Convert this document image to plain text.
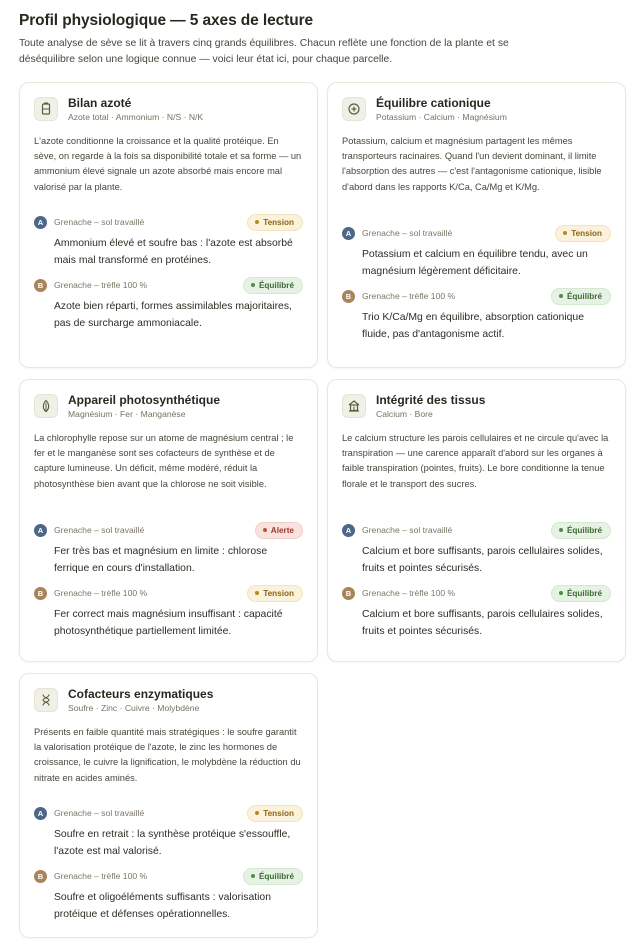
Profil physiologique — 5 axes de lecture
Toute analyse de sève se lit à travers cinq grands équilibres. Chacun reflète une fonction de la plante et se déséquilibre selon une logique connue — voici leur état ici, pour chaque parcelle.
Bilan azoté
Azote total · Ammonium · N/S · N/K
L'azote conditionne la croissance et la qualité protéique. En sève, on regarde à la fois sa disponibilité totale et sa forme — un ammonium élevé signale un azote absorbé mais encore mal valorisé par la plante.
A	Grenache – sol travaillé	Tension
Ammonium élevé et soufre bas : l'azote est absorbé mais mal transformé en protéines.
B	Grenache – trèfle 100 %	Équilibré
Azote bien réparti, formes assimilables majoritaires, pas de surcharge ammoniacale.
Équilibre cationique
Potassium · Calcium · Magnésium
Potassium, calcium et magnésium partagent les mêmes transporteurs racinaires. Quand l'un devient dominant, il limite l'absorption des autres — c'est l'antagonisme cationique, lisible d'abord dans les rapports K/Ca, Ca/Mg et K/Mg.
A	Grenache – sol travaillé	Tension
Potassium et calcium en équilibre tendu, avec un magnésium légèrement déficitaire.
B	Grenache – trèfle 100 %	Équilibré
Trio K/Ca/Mg en équilibre, absorption cationique fluide, pas d'antagonisme actif.
Appareil photosynthétique
Magnésium · Fer · Manganèse
La chlorophylle repose sur un atome de magnésium central ; le fer et le manganèse sont ses cofacteurs de synthèse et de capture lumineuse. Un déficit, même modéré, réduit la photosynthèse bien avant que la chlorose ne soit visible.
A	Grenache – sol travaillé	Alerte
Fer très bas et magnésium en limite : chlorose ferrique en cours d'installation.
B	Grenache – trèfle 100 %	Tension
Fer correct mais magnésium insuffisant : capacité photosynthétique partiellement limitée.
Intégrité des tissus
Calcium · Bore
Le calcium structure les parois cellulaires et ne circule qu'avec la transpiration — une carence apparaît d'abord sur les organes à faible transpiration (pointes, fruits). Le bore conditionne la tenue florale et le transport des sucres.
A	Grenache – sol travaillé	Équilibré
Calcium et bore suffisants, parois cellulaires solides, fruits et pointes sécurisés.
B	Grenache – trèfle 100 %	Équilibré
Calcium et bore suffisants, parois cellulaires solides, fruits et pointes sécurisés.
Cofacteurs enzymatiques
Soufre · Zinc · Cuivre · Molybdène
Présents en faible quantité mais stratégiques : le soufre garantit la valorisation protéique de l'azote, le zinc les hormones de croissance, le cuivre la lignification, le molybdène la réduction du nitrate en acides aminés.
A	Grenache – sol travaillé	Tension
Soufre en retrait : la synthèse protéique s'essouffle, l'azote est mal valorisé.
B	Grenache – trèfle 100 %	Équilibré
Soufre et oligoéléments suffisants : valorisation protéique et défenses opérationnelles.
